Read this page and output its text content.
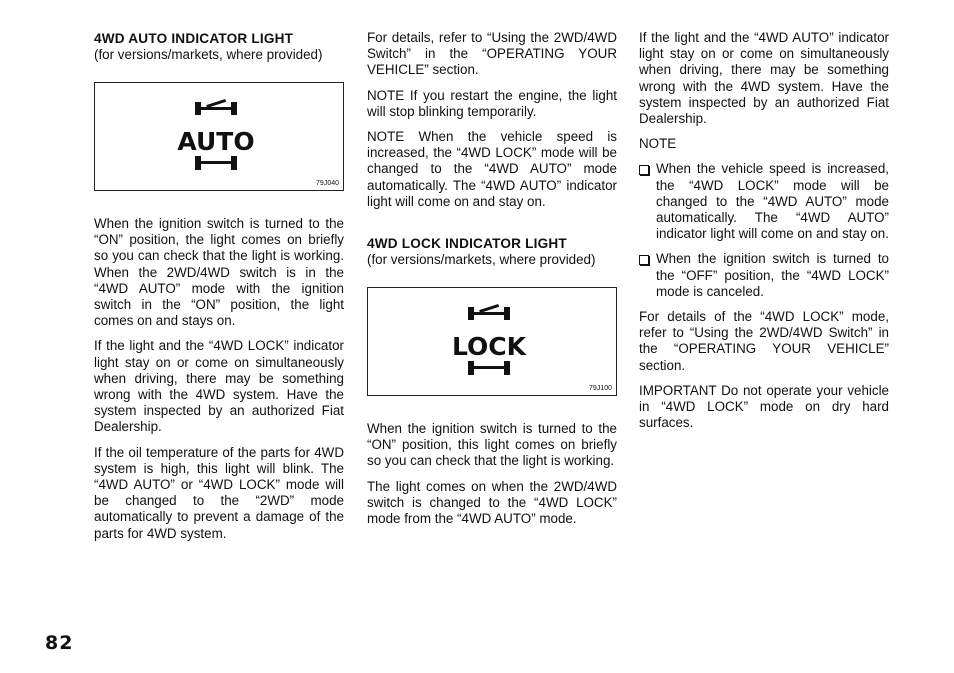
4WD AUTO INDICATOR LIGHT

(for versions/markets, where provided)

AUTO
79J040

When the ignition switch is turned to the “ON” position, the light comes on briefly so you can check that the light is working. When the 2WD/4WD switch is in the “4WD AUTO” mode with the ignition switch in the “ON” position, the light comes on and stays on.

If the light and the “4WD LOCK” indicator light stay on or come on simultaneously when driving, there may be something wrong with the 4WD system. Have the system inspected by an authorized Fiat Dealership.

If the oil temperature of the parts for 4WD system is high, this light will blink. The “4WD AUTO” or “4WD LOCK” mode will be changed to the “2WD” mode automatically to prevent a damage of the parts for 4WD system.

For details, refer to “Using the 2WD/4WD Switch” in the “OPERATING YOUR VEHICLE” section.

NOTE If you restart the engine, the light will stop blinking temporarily.

NOTE When the vehicle speed is increased, the “4WD LOCK” mode will be changed to the “4WD AUTO” mode automatically. The “4WD AUTO” indicator light will come on and stay on.

4WD LOCK INDICATOR LIGHT

(for versions/markets, where provided)

LOCK
79J100

When the ignition switch is turned to the “ON” position, this light comes on briefly so you can check that the light is working.

The light comes on when the 2WD/4WD switch is changed to the “4WD LOCK” mode from the “4WD AUTO” mode.

If the light and the “4WD AUTO” indicator light stay on or come on simultaneously when driving, there may be something wrong with the 4WD system. Have the system inspected by an authorized Fiat Dealership.

NOTE

When the vehicle speed is increased, the “4WD LOCK” mode will be changed to the “4WD AUTO” mode automatically. The “4WD AUTO” indicator light will come on and stay on.

When the ignition switch is turned to the “OFF” position, the “4WD LOCK” mode is canceled.

For details of the “4WD LOCK” mode, refer to “Using the 2WD/4WD Switch” in the “OPERATING YOUR VEHICLE” section.

IMPORTANT Do not operate your vehicle in “4WD LOCK” mode on dry hard surfaces.

82
